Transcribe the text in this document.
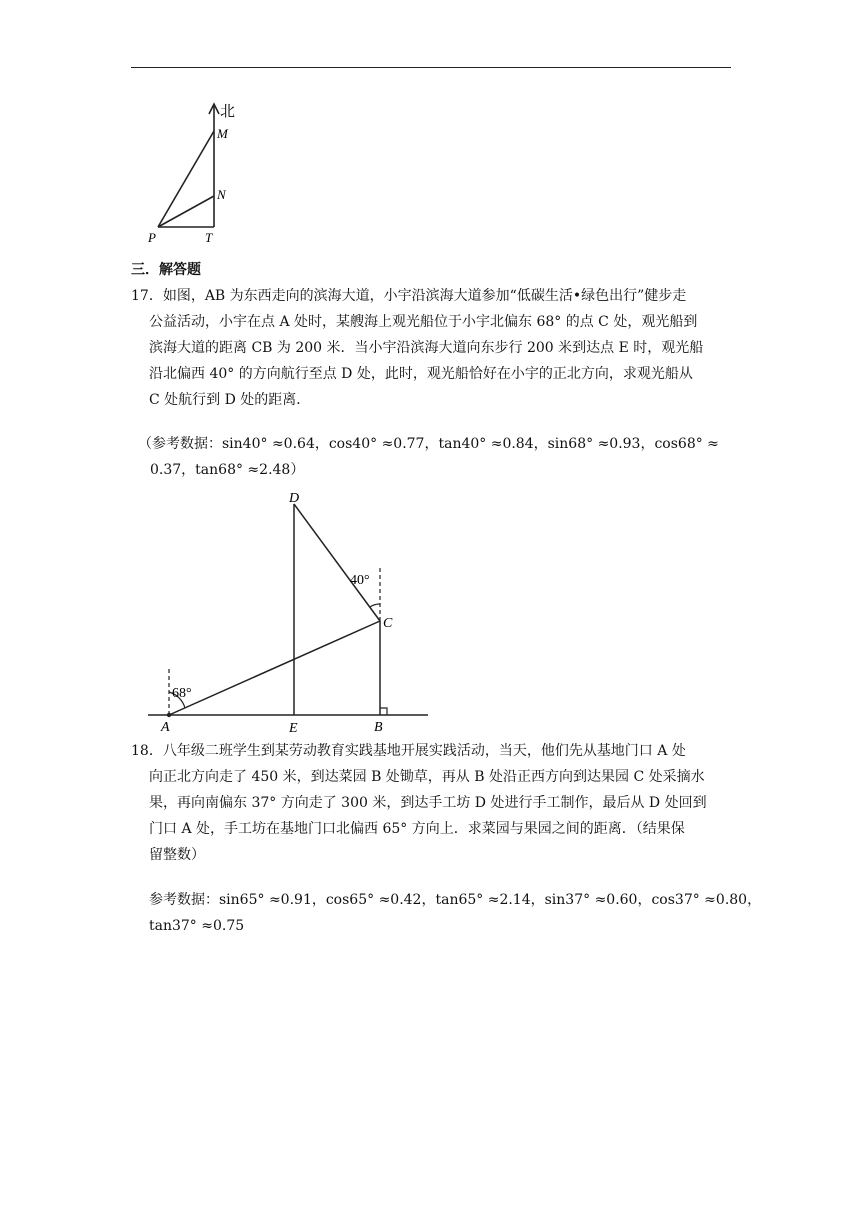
北
M
N
P	T
三．解答题
17．如图，AB 为东西走向的滨海大道，小宇沿滨海大道参加“低碳生活•绿色出行”健步走
公益活动，小宇在点 A 处时，某艘海上观光船位于小宇北偏东 68° 的点 C 处，观光船到
滨海大道的距离 CB 为 200 米．当小宇沿滨海大道向东步行 200 米到达点 E 时，观光船
沿北偏西 40° 的方向航行至点 D 处，此时，观光船恰好在小宇的正北方向，求观光船从
C 处航行到 D 处的距离．
（参考数据：sin40° ≈0.64，cos40° ≈0.77，tan40° ≈0.84，sin68° ≈0.93，cos68° ≈
0.37，tan68° ≈2.48）
68°
40°
D
C
A	E	B
18．八年级二班学生到某劳动教育实践基地开展实践活动，当天，他们先从基地门口 A 处
向正北方向走了 450 米，到达菜园 B 处锄草，再从 B 处沿正西方向到达果园 C 处采摘水
果，再向南偏东 37° 方向走了 300 米，到达手工坊 D 处进行手工制作，最后从 D 处回到
门口 A 处，手工坊在基地门口北偏西 65° 方向上．求菜园与果园之间的距离．（结果保
留整数）
参考数据：sin65° ≈0.91，cos65° ≈0.42，tan65° ≈2.14，sin37° ≈0.60，cos37° ≈0.80，
tan37° ≈0.75
